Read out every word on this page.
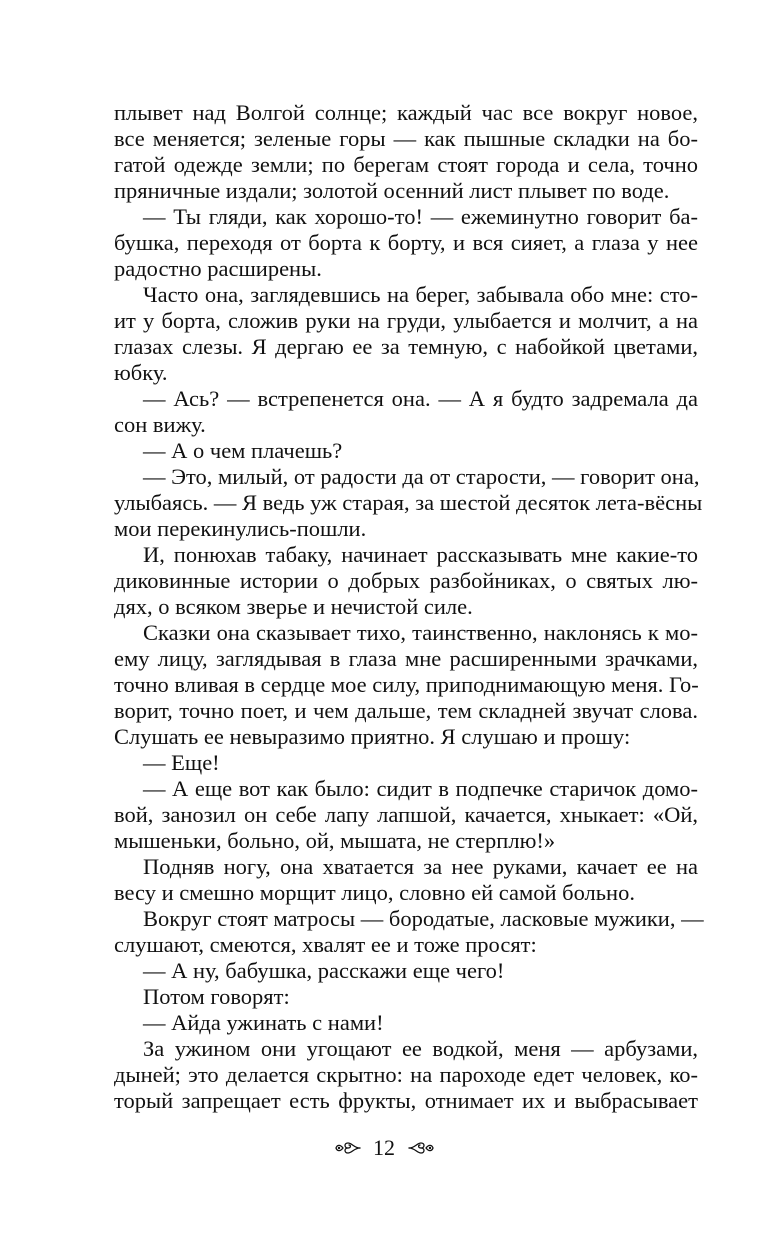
плывет над Волгой солнце; каждый час все вокруг новое,
все меняется; зеленые горы — как пышные складки на бо-
гатой одежде земли; по берегам стоят города и села, точно
пряничные издали; золотой осенний лист плывет по воде.
— Ты гляди, как хорошо-то! — ежеминутно говорит ба-
бушка, переходя от борта к борту, и вся сияет, а глаза у нее
радостно расширены.
Часто она, заглядевшись на берег, забывала обо мне: сто-
ит у борта, сложив руки на груди, улыбается и молчит, а на
глазах слезы. Я дергаю ее за темную, с набойкой цветами,
юбку.
— Ась? — встрепенется она. — А я будто задремала да
сон вижу.
— А о чем плачешь?
— Это, милый, от радости да от старости, — говорит она,
улыбаясь. — Я ведь уж старая, за шестой десяток лета-вёсны
мои перекинулись-пошли.
И, понюхав табаку, начинает рассказывать мне какие-то
диковинные истории о добрых разбойниках, о святых лю-
дях, о всяком зверье и нечистой силе.
Сказки она сказывает тихо, таинственно, наклонясь к мо-
ему лицу, заглядывая в глаза мне расширенными зрачками,
точно вливая в сердце мое силу, приподнимающую меня. Го-
ворит, точно поет, и чем дальше, тем складней звучат слова.
Слушать ее невыразимо приятно. Я слушаю и прошу:
— Еще!
— А еще вот как было: сидит в подпечке старичок домо-
вой, занозил он себе лапу лапшой, качается, хныкает: «Ой,
мышеньки, больно, ой, мышата, не стерплю!»
Подняв ногу, она хватается за нее руками, качает ее на
весу и смешно морщит лицо, словно ей самой больно.
Вокруг стоят матросы — бородатые, ласковые мужики, —
слушают, смеются, хвалят ее и тоже просят:
— А ну, бабушка, расскажи еще чего!
Потом говорят:
— Айда ужинать с нами!
За ужином они угощают ее водкой, меня — арбузами,
дыней; это делается скрытно: на пароходе едет человек, ко-
торый запрещает есть фрукты, отнимает их и выбрасывает
12
